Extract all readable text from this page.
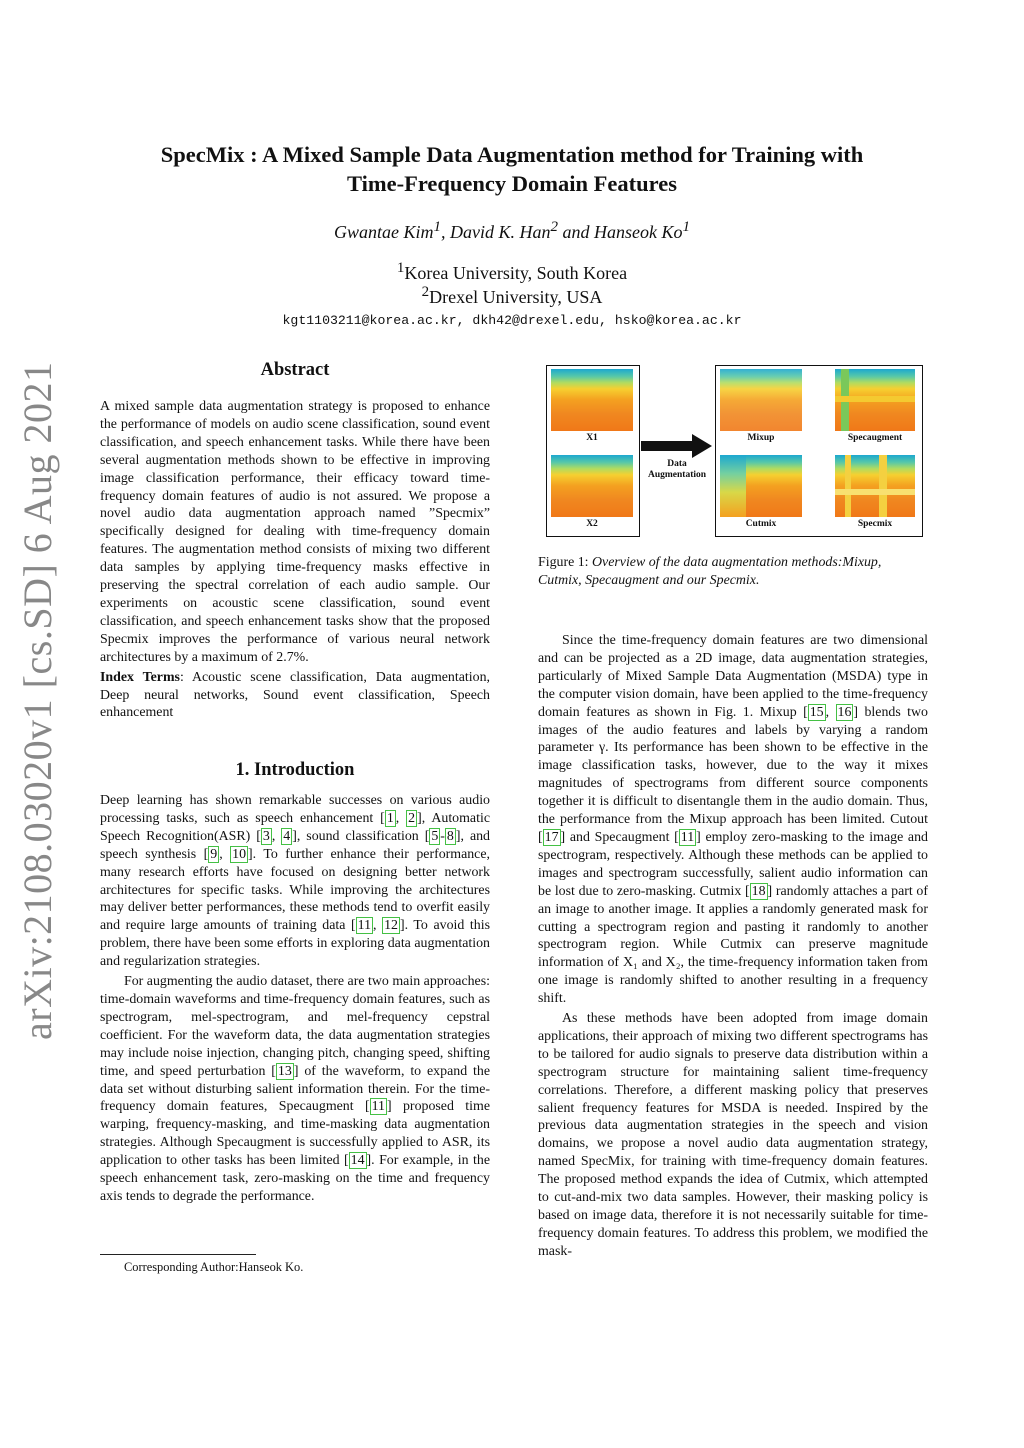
arXiv:2108.03020v1 [cs.SD] 6 Aug 2021
SpecMix : A Mixed Sample Data Augmentation method for Training with
Time-Frequency Domain Features
Gwantae Kim$^1$, David K. Han$^2$ and Hanseok Ko$^1$
$^1$Korea University, South Korea
$^2$Drexel University, USA
kgt1103211@korea.ac.kr, dkh42@drexel.edu, hsko@korea.ac.kr
Abstract

A mixed sample data augmentation strategy is proposed to enhance the performance of models on audio scene classification, sound event classification, and speech enhancement tasks. While there have been several augmentation methods shown to be effective in improving image classification performance, their efficacy toward time-frequency domain features of audio is not assured. We propose a novel audio data augmentation approach named ”Specmix” specifically designed for dealing with time-frequency domain features. The augmentation method consists of mixing two different data samples by applying time-frequency masks effective in preserving the spectral correlation of each audio sample. Our experiments on acoustic scene classification, sound event classification, and speech enhancement tasks show that the proposed Specmix improves the performance of various neural network architectures by a maximum of 2.7%.

Index Terms: Acoustic scene classification, Data augmentation, Deep neural networks, Sound event classification, Speech enhancement

1. Introduction

Deep learning has shown remarkable successes on various audio processing tasks, such as speech enhancement [ 1 , 2 ], Automatic Speech Recognition(ASR) [ 3 , 4 ], sound classification [ 5 - 8 ], and speech synthesis [ 9 , 10 ]. To further enhance their performance, many research efforts have focused on designing better network architectures for specific tasks. While improving the architectures may deliver better performances, these methods tend to overfit easily and require large amounts of training data [ 11 , 12 ]. To avoid this problem, there have been some efforts in exploring data augmentation and regularization strategies.

For augmenting the audio dataset, there are two main approaches: time-domain waveforms and time-frequency domain features, such as spectrogram, mel-spectrogram, and mel-frequency cepstral coefficient. For the waveform data, the data augmentation strategies may include noise injection, changing pitch, changing speed, shifting time, and speed perturbation [ 13 ] of the waveform, to expand the data set without disturbing salient information therein. For the time-frequency domain features, Specaugment [ 11 ] proposed time warping, frequency-masking, and time-masking data augmentation strategies. Although Specaugment is successfully applied to ASR, its application to other tasks has been limited [ 14 ]. For example, in the speech enhancement task, zero-masking on the time and frequency axis tends to degrade the performance.

Corresponding Author:Hanseok Ko.
X1
X2
Data Augmentation
Mixup	Specaugment
Cutmix	Specmix
Figure 1: Overview of the data augmentation methods:Mixup, Cutmix, Specaugment and our Specmix.

Since the time-frequency domain features are two dimensional and can be projected as a 2D image, data augmentation strategies, particularly of Mixed Sample Data Augmentation (MSDA) type in the computer vision domain, have been applied to the time-frequency domain features as shown in Fig. 1. Mixup [ 15 , 16 ] blends two images of the audio features and labels by varying a random parameter γ. Its performance has been shown to be effective in the image classification tasks, however, due to the way it mixes magnitudes of spectrograms from different source components together it is difficult to disentangle them in the audio domain. Thus, the performance from the Mixup approach has been limited. Cutout [ 17 ] and Specaugment [ 11 ] employ zero-masking to the image and spectrogram, respectively. Although these methods can be applied to images and spectrogram successfully, salient audio information can be lost due to zero-masking. Cutmix [ 18 ] randomly attaches a part of an image to another image. It applies a randomly generated mask for cutting a spectrogram region and pasting it randomly to another spectrogram region. While Cutmix can preserve magnitude information of X₁ and X₂, the time-frequency information taken from one image is randomly shifted to another resulting in a frequency shift.

As these methods have been adopted from image domain applications, their approach of mixing two different spectrograms has to be tailored for audio signals to preserve data distribution within a spectrogram structure for maintaining salient time-frequency correlations. Therefore, a different masking policy that preserves salient frequency features for MSDA is needed. Inspired by the previous data augmentation strategies in the speech and vision domains, we propose a novel audio data augmentation strategy, named SpecMix, for training with time-frequency domain features. The proposed method expands the idea of Cutmix, which attempted to cut-and-mix two data samples. However, their masking policy is based on image data, therefore it is not necessarily suitable for time-frequency domain features. To address this problem, we modified the mask-
